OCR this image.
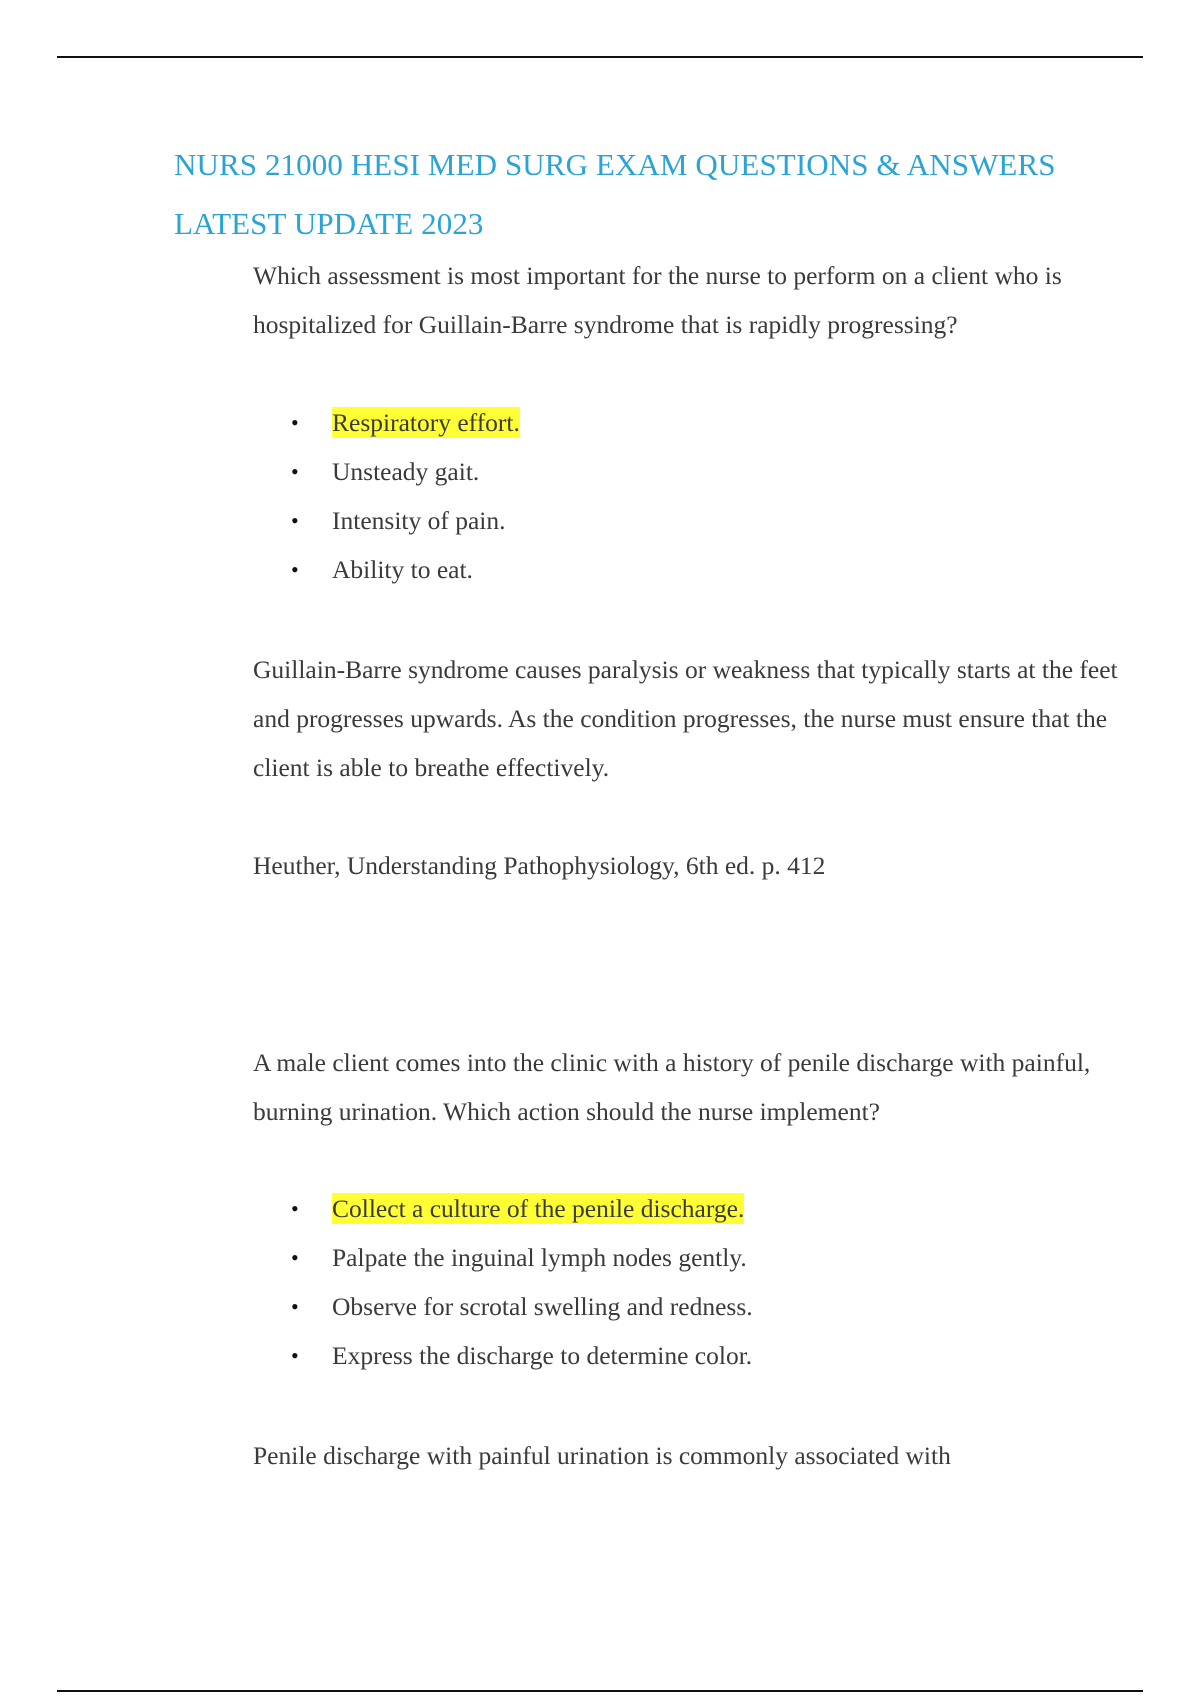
NURS 21000 HESI MED SURG EXAM QUESTIONS & ANSWERS LATEST UPDATE 2023

Which assessment is most important for the nurse to perform on a client who is hospitalized for Guillain-Barre syndrome that is rapidly progressing?

• Respiratory effort.
• Unsteady gait.
• Intensity of pain.
• Ability to eat.

Guillain-Barre syndrome causes paralysis or weakness that typically starts at the feet and progresses upwards. As the condition progresses, the nurse must ensure that the client is able to breathe effectively.

Heuther, Understanding Pathophysiology, 6th ed. p. 412

A male client comes into the clinic with a history of penile discharge with painful, burning urination. Which action should the nurse implement?

• Collect a culture of the penile discharge.
• Palpate the inguinal lymph nodes gently.
• Observe for scrotal swelling and redness.
• Express the discharge to determine color.

Penile discharge with painful urination is commonly associated with
